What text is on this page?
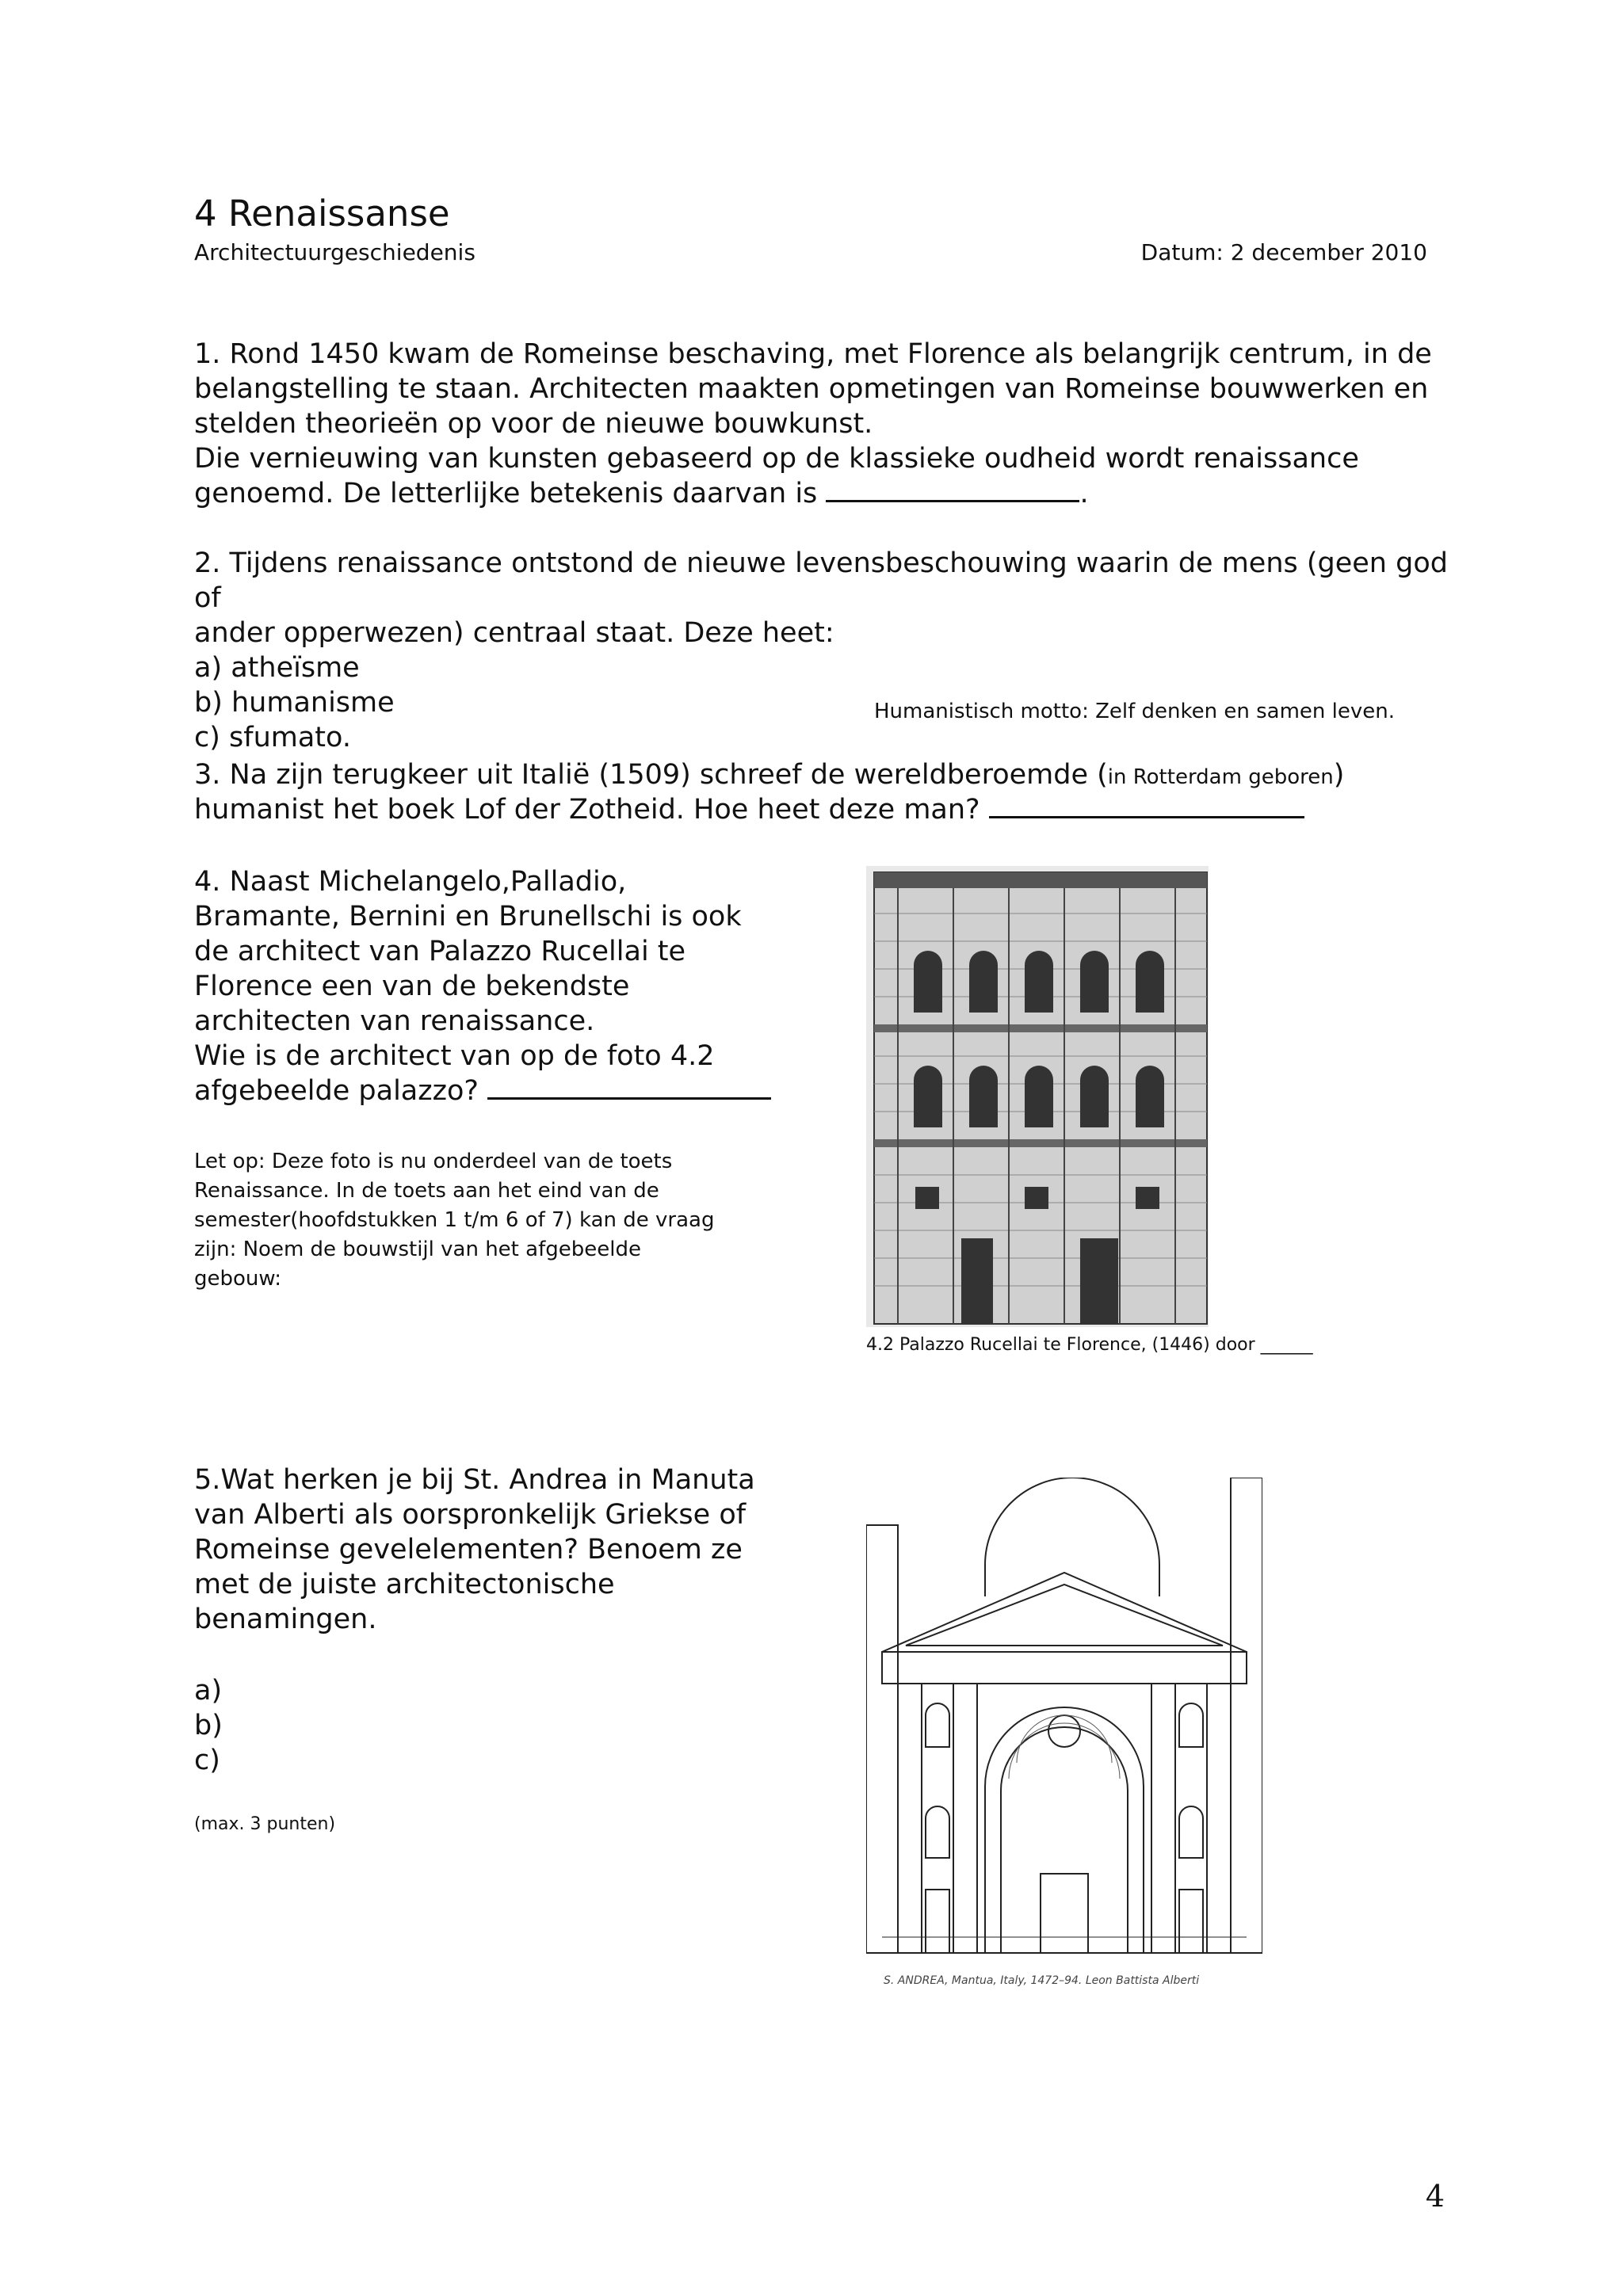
4 Renaissanse
Architectuurgeschiedenis	Datum: 2 december 2010

1. Rond 1450 kwam de Romeinse beschaving, met Florence als belangrijk centrum, in de

belangstelling te staan. Architecten maakten opmetingen van Romeinse bouwwerken en

stelden theorieën op voor de nieuwe bouwkunst.

Die vernieuwing van kunsten gebaseerd op de klassieke oudheid wordt renaissance

genoemd. De letterlijke betekenis daarvan is	.

2. Tijdens renaissance ontstond de nieuwe levensbeschouwing waarin de mens (geen god of

ander opperwezen) centraal staat. Deze heet:

a) atheïsme

b) humanisme

c) sfumato.

Humanistisch motto: Zelf denken en samen leven.

3. Na zijn terugkeer uit Italië (1509) schreef de wereldberoemde (in Rotterdam geboren)

humanist het boek Lof der Zotheid. Hoe heet deze man?

4. Naast Michelangelo,Palladio,

Bramante, Bernini en Brunellschi is ook

de architect van Palazzo Rucellai te

Florence een van de bekendste

architecten van renaissance.

Wie is de architect van op de foto 4.2

afgebeelde palazzo?

Let op: Deze foto is nu onderdeel van de toets

Renaissance. In de toets aan het eind van de

semester(hoofdstukken 1 t/m 6 of 7) kan de vraag

zijn: Noem de bouwstijl van het afgebeelde

gebouw:

4.2 Palazzo Rucellai te Florence, (1446) door ______

5.Wat herken je bij St. Andrea in Manuta

van Alberti als oorspronkelijk Griekse of

Romeinse gevelelementen? Benoem ze

met de juiste architectonische

benamingen.

a)

b)

c)

(max. 3 punten)
S. ANDREA, Mantua, Italy, 1472–94. Leon Battista Alberti
4
